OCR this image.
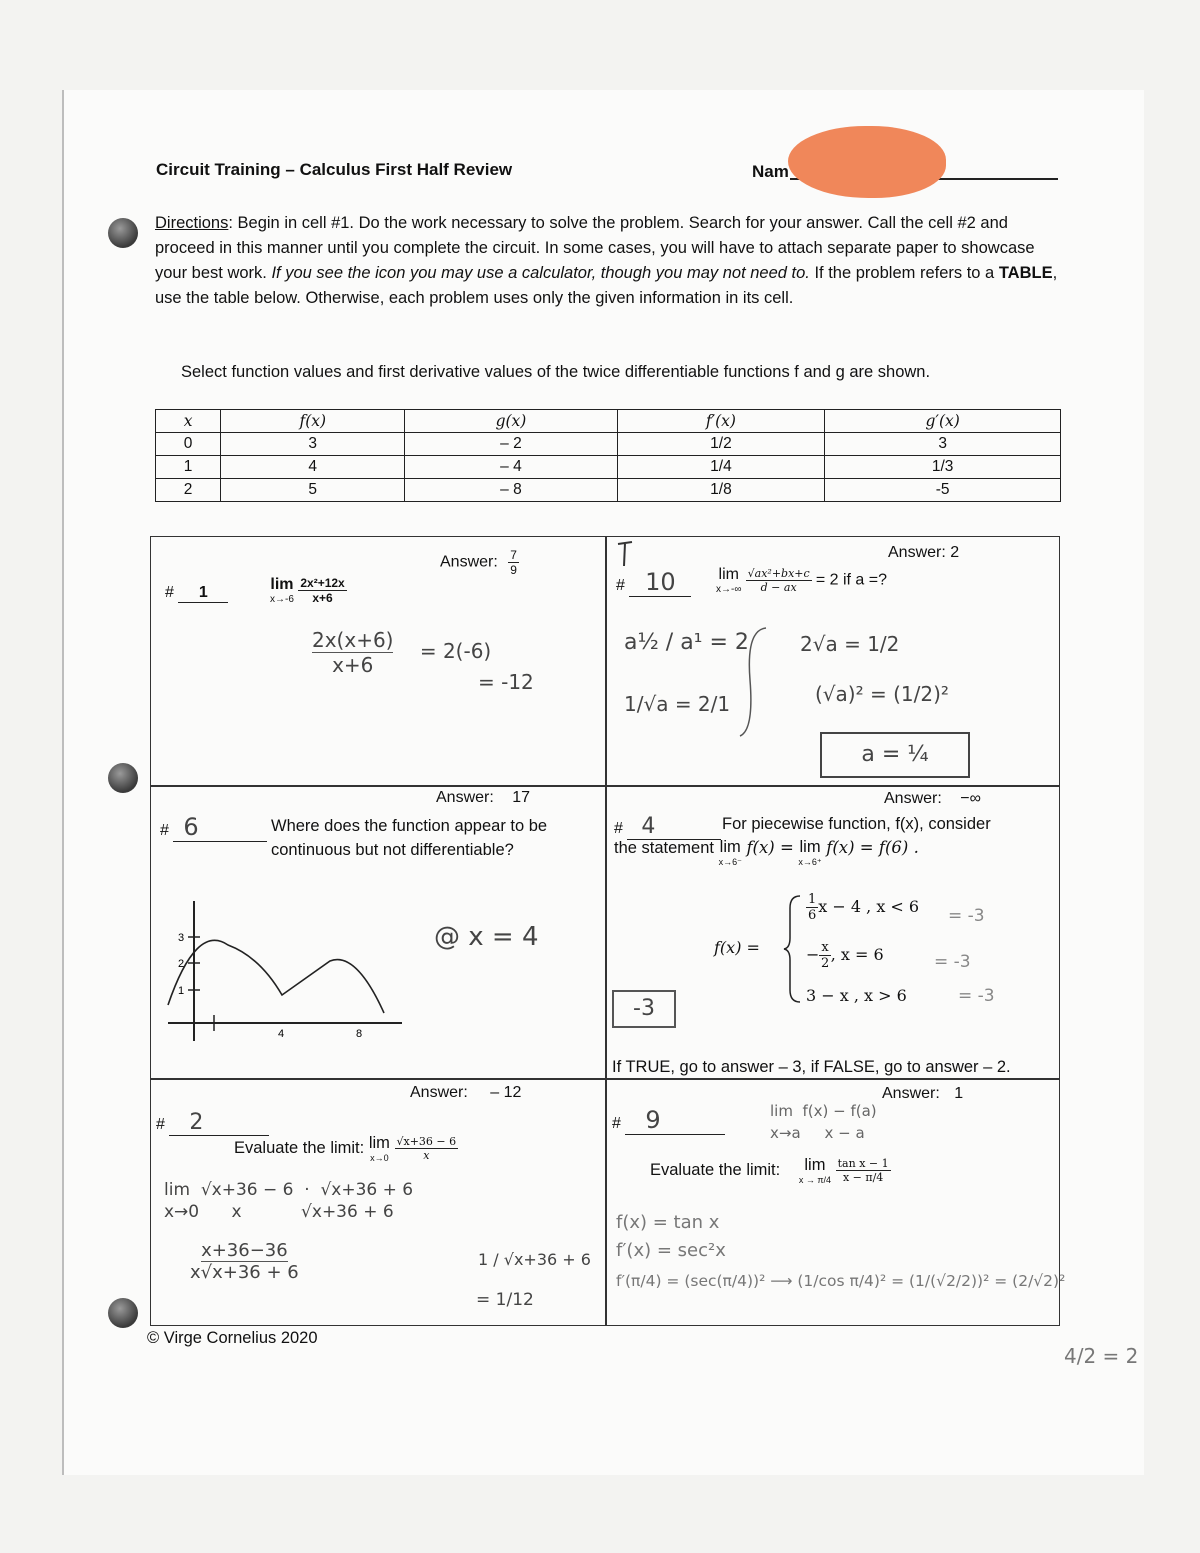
Circuit Training – Calculus First Half Review	Nam
Directions: Begin in cell #1. Do the work necessary to solve the problem. Search for your answer. Call the cell #2 and proceed in this manner until you complete the circuit. In some cases, you will have to attach separate paper to showcase your best work. If you see the icon you may use a calculator, though you may not need to. If the problem refers to a TABLE, use the table below. Otherwise, each problem uses only the given information in its cell.
Select function values and first derivative values of the twice differentiable functions f and g are shown.
x	f(x)	g(x)	f′(x)	g′(x)
0	3	– 2	1/2	3
1	4	– 4	1/4	1/3
2	5	– 8	1/8	-5
Answer: $\frac{7}{9}$
# 1	lim
x→-6
$\frac{\text{2x²+12x}}{x+6}$
$\frac{2x(x+6)}{x+6} = 2(-6)$
= -12
Answer: 2
# 10	lim
x→-∞
$\frac{\text{√ax²+bx+c}}{d - ax} = 2$ if a =?
a½ / a¹ = 2
1/√a = 2/1
2√a = 1/2
(√a)² = (1/2)²
a = ¼
Answer: 17
# 6	Where does the function appear to be continuous but not differentiable?
@ x = 4
3
2
1
4	8
Answer: −∞
# 4	For piecewise function, f(x), consider
the statement lim
x→6⁻
f(x) = lim
x→6⁺
f(x) = f(6) .
f(x) =
$\frac{1}{6}$ x − 4 , x < 6
− $\frac{x}{2}$ , x = 6
3 − x , x > 6
= -3
= -3
= -3
-3
If TRUE, go to answer – 3, if FALSE, go to answer – 2.
Answer: – 12
# 2
Evaluate the limit: lim
x→0
$\frac{√x+36 - 6}{x}$
lim  √x+36 − 6  ·  √x+36 + 6
x→0      x           √x+36 + 6
x+36−36
x√x+36 + 6
1 / √x+36 + 6
= 1/12
Answer: 1
# 9	lim  f(x) − f(a)
x→a     x − a
Evaluate the limit: lim
x → π/4
$\frac{\text{tan x − 1}}{x - \pi/4}$
f(x) = tan x
f′(x) = sec²x
f′(π/4) = (sec(π/4))² ⟶ (1/cos π/4)² = (1/(√2/2))² = (2/√2)²
4/2 = 2
© Virge Cornelius 2020
